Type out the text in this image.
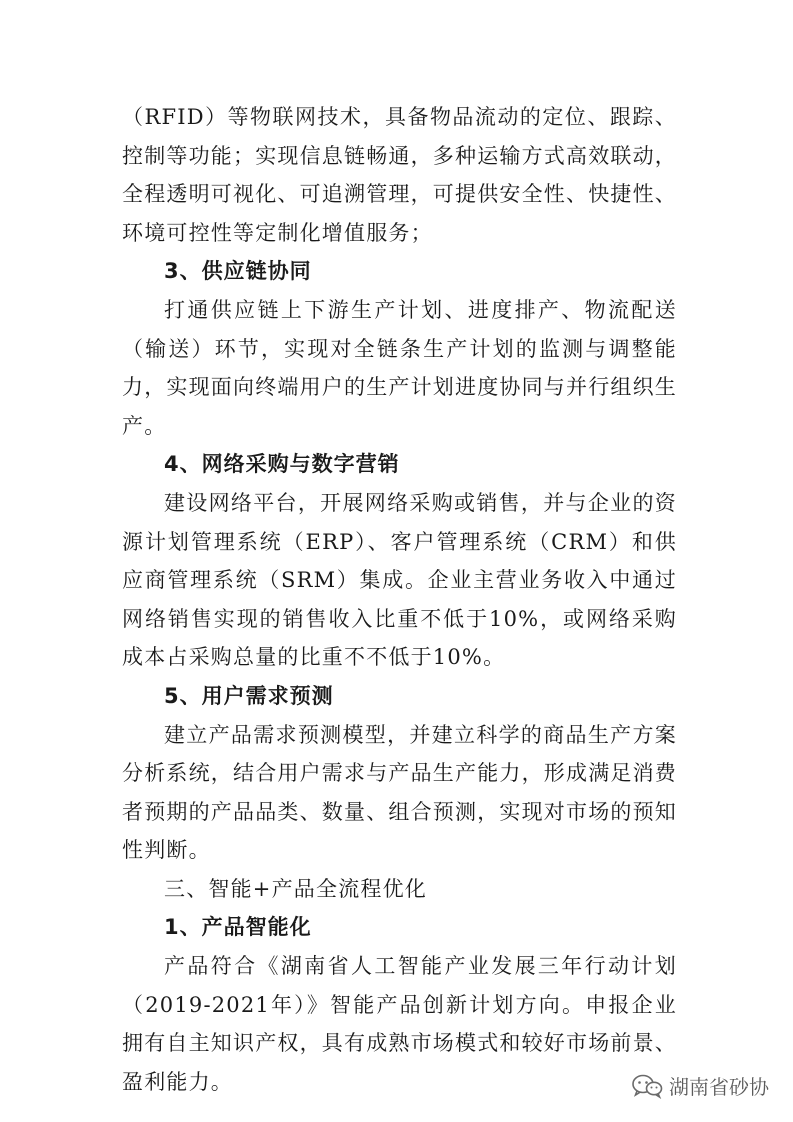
（RFID）等物联网技术，具备物品流动的定位、跟踪、控制等功能；实现信息链畅通，多种运输方式高效联动，全程透明可视化、可追溯管理，可提供安全性、快捷性、环境可控性等定制化增值服务；

3、供应链协同

打通供应链上下游生产计划、进度排产、物流配送（输送）环节，实现对全链条生产计划的监测与调整能力，实现面向终端用户的生产计划进度协同与并行组织生产。

4、网络采购与数字营销

建设网络平台，开展网络采购或销售，并与企业的资源计划管理系统（ERP）、客户管理系统（CRM）和供应商管理系统（SRM）集成。企业主营业务收入中通过网络销售实现的销售收入比重不低于10%，或网络采购成本占采购总量的比重不不低于10%。

5、用户需求预测

建立产品需求预测模型，并建立科学的商品生产方案分析系统，结合用户需求与产品生产能力，形成满足消费者预期的产品品类、数量、组合预测，实现对市场的预知性判断。

三、智能+产品全流程优化

1、产品智能化

产品符合《湖南省人工智能产业发展三年行动计划（2019-2021年）》智能产品创新计划方向。申报企业拥有自主知识产权，具有成熟市场模式和较好市场前景、盈利能力。	湖南省砂协
